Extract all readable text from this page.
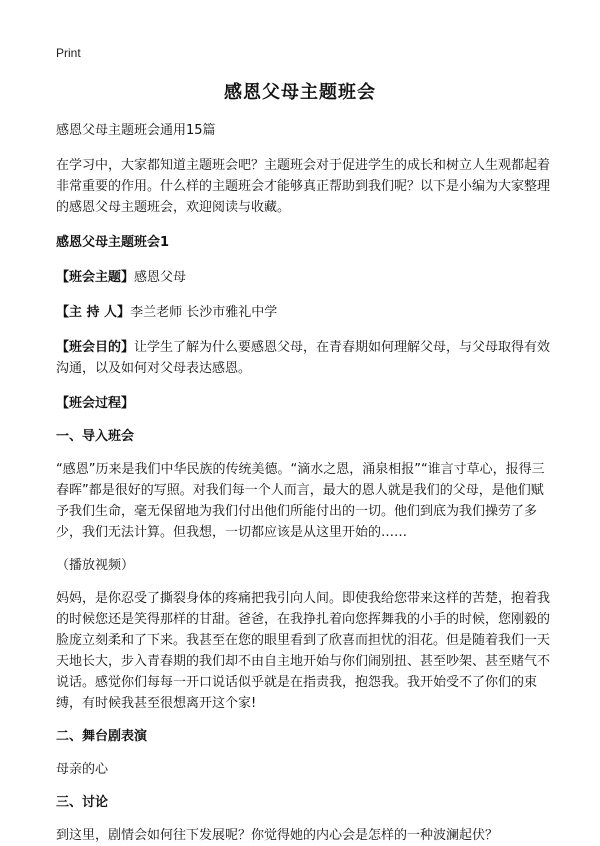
Print
感恩父母主题班会

感恩父母主题班会通用15篇

在学习中，大家都知道主题班会吧？主题班会对于促进学生的成长和树立人生观都起着非常重要的作用。什么样的主题班会才能够真正帮助到我们呢？以下是小编为大家整理的感恩父母主题班会，欢迎阅读与收藏。

感恩父母主题班会1

【班会主题】感恩父母

【主 持 人】李兰老师 长沙市雅礼中学

【班会目的】让学生了解为什么要感恩父母，在青春期如何理解父母，与父母取得有效沟通，以及如何对父母表达感恩。

【班会过程】

一、导入班会

“感恩”历来是我们中华民族的传统美德。“滴水之恩，涌泉相报”“谁言寸草心，报得三春晖”都是很好的写照。对我们每一个人而言，最大的恩人就是我们的父母，是他们赋予我们生命，毫无保留地为我们付出他们所能付出的一切。他们到底为我们操劳了多少，我们无法计算。但我想，一切都应该是从这里开始的……

（播放视频）

妈妈，是你忍受了撕裂身体的疼痛把我引向人间。即使我给您带来这样的苦楚，抱着我的时候您还是笑得那样的甘甜。爸爸，在我挣扎着向您挥舞我的小手的时候，您刚毅的脸庞立刻柔和了下来。我甚至在您的眼里看到了欣喜而担忧的泪花。但是随着我们一天天地长大，步入青春期的我们却不由自主地开始与你们闹别扭、甚至吵架、甚至赌气不说话。感觉你们每每一开口说话似乎就是在指责我，抱怨我。我开始受不了你们的束缚，有时候我甚至很想离开这个家!

二、舞台剧表演

母亲的心

三、讨论

到这里，剧情会如何往下发展呢？你觉得她的内心会是怎样的一种波澜起伏？
